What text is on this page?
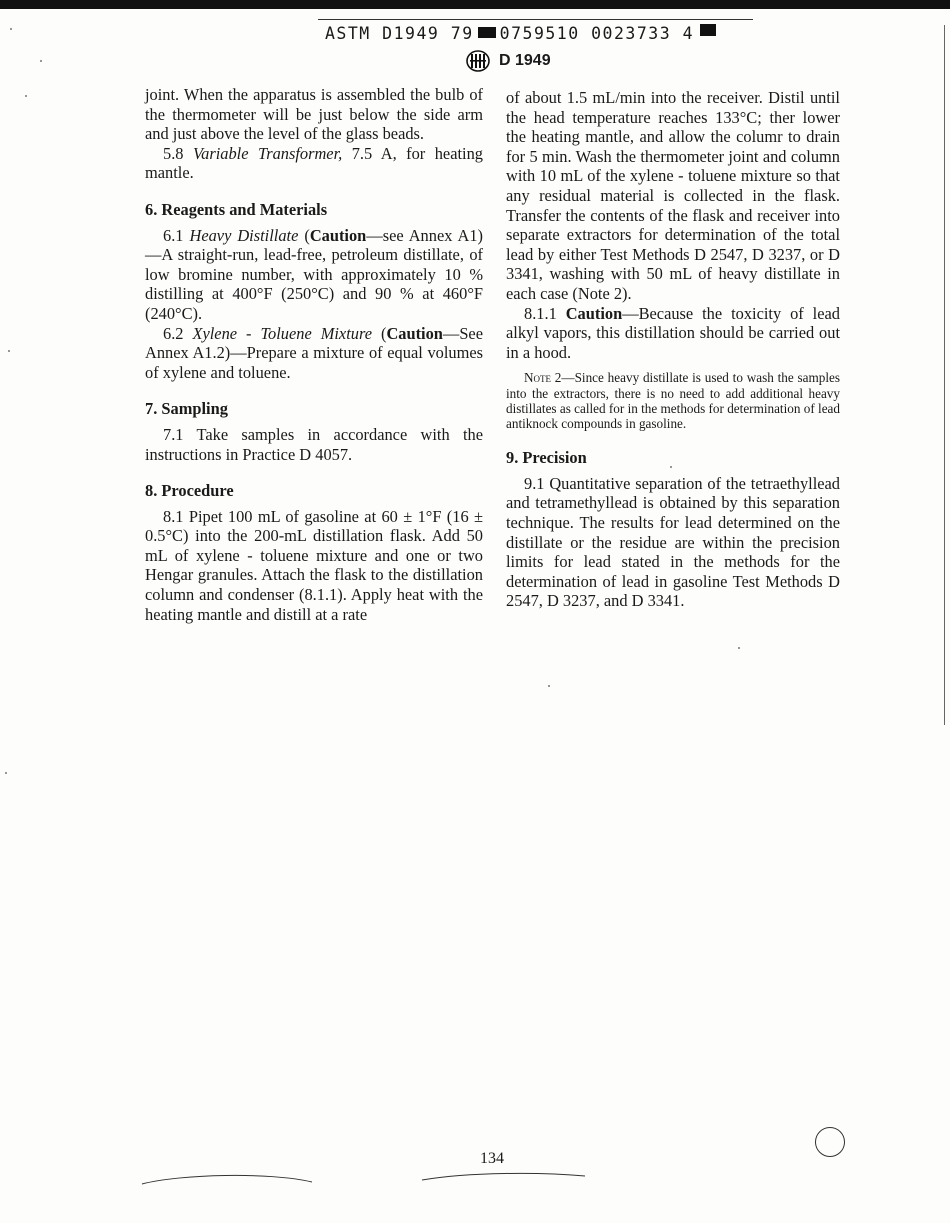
ASTM D1949 79 0759510 0023733 4
D 1949

joint. When the apparatus is assembled the bulb of the thermometer will be just below the side arm and just above the level of the glass beads.

5.8 Variable Transformer, 7.5 A, for heating mantle.

6. Reagents and Materials

6.1 Heavy Distillate (Caution—see Annex A1)—A straight-run, lead-free, petroleum distillate, of low bromine number, with approximately 10 % distilling at 400°F (250°C) and 90 % at 460°F (240°C).

6.2 Xylene - Toluene Mixture (Caution—See Annex A1.2)—Prepare a mixture of equal volumes of xylene and toluene.

7. Sampling

7.1 Take samples in accordance with the instructions in Practice D 4057.

8. Procedure

8.1 Pipet 100 mL of gasoline at 60 ± 1°F (16 ± 0.5°C) into the 200-mL distillation flask. Add 50 mL of xylene - toluene mixture and one or two Hengar granules. Attach the flask to the distillation column and condenser (8.1.1). Apply heat with the heating mantle and distill at a rate

of about 1.5 mL/min into the receiver. Distil until the head temperature reaches 133°C; ther lower the heating mantle, and allow the columr to drain for 5 min. Wash the thermometer joint and column with 10 mL of the xylene - toluene mixture so that any residual material is collected in the flask. Transfer the contents of the flask and receiver into separate extractors for determination of the total lead by either Test Methods D 2547, D 3237, or D 3341, washing with 50 mL of heavy distillate in each case (Note 2).

8.1.1 Caution—Because the toxicity of lead alkyl vapors, this distillation should be carried out in a hood.

Note 2—Since heavy distillate is used to wash the samples into the extractors, there is no need to add additional heavy distillates as called for in the methods for determination of lead antiknock compounds in gasoline.

9. Precision

9.1 Quantitative separation of the tetraethyllead and tetramethyllead is obtained by this separation technique. The results for lead determined on the distillate or the residue are within the precision limits for lead stated in the methods for the determination of lead in gasoline Test Methods D 2547, D 3237, and D 3341.

134
